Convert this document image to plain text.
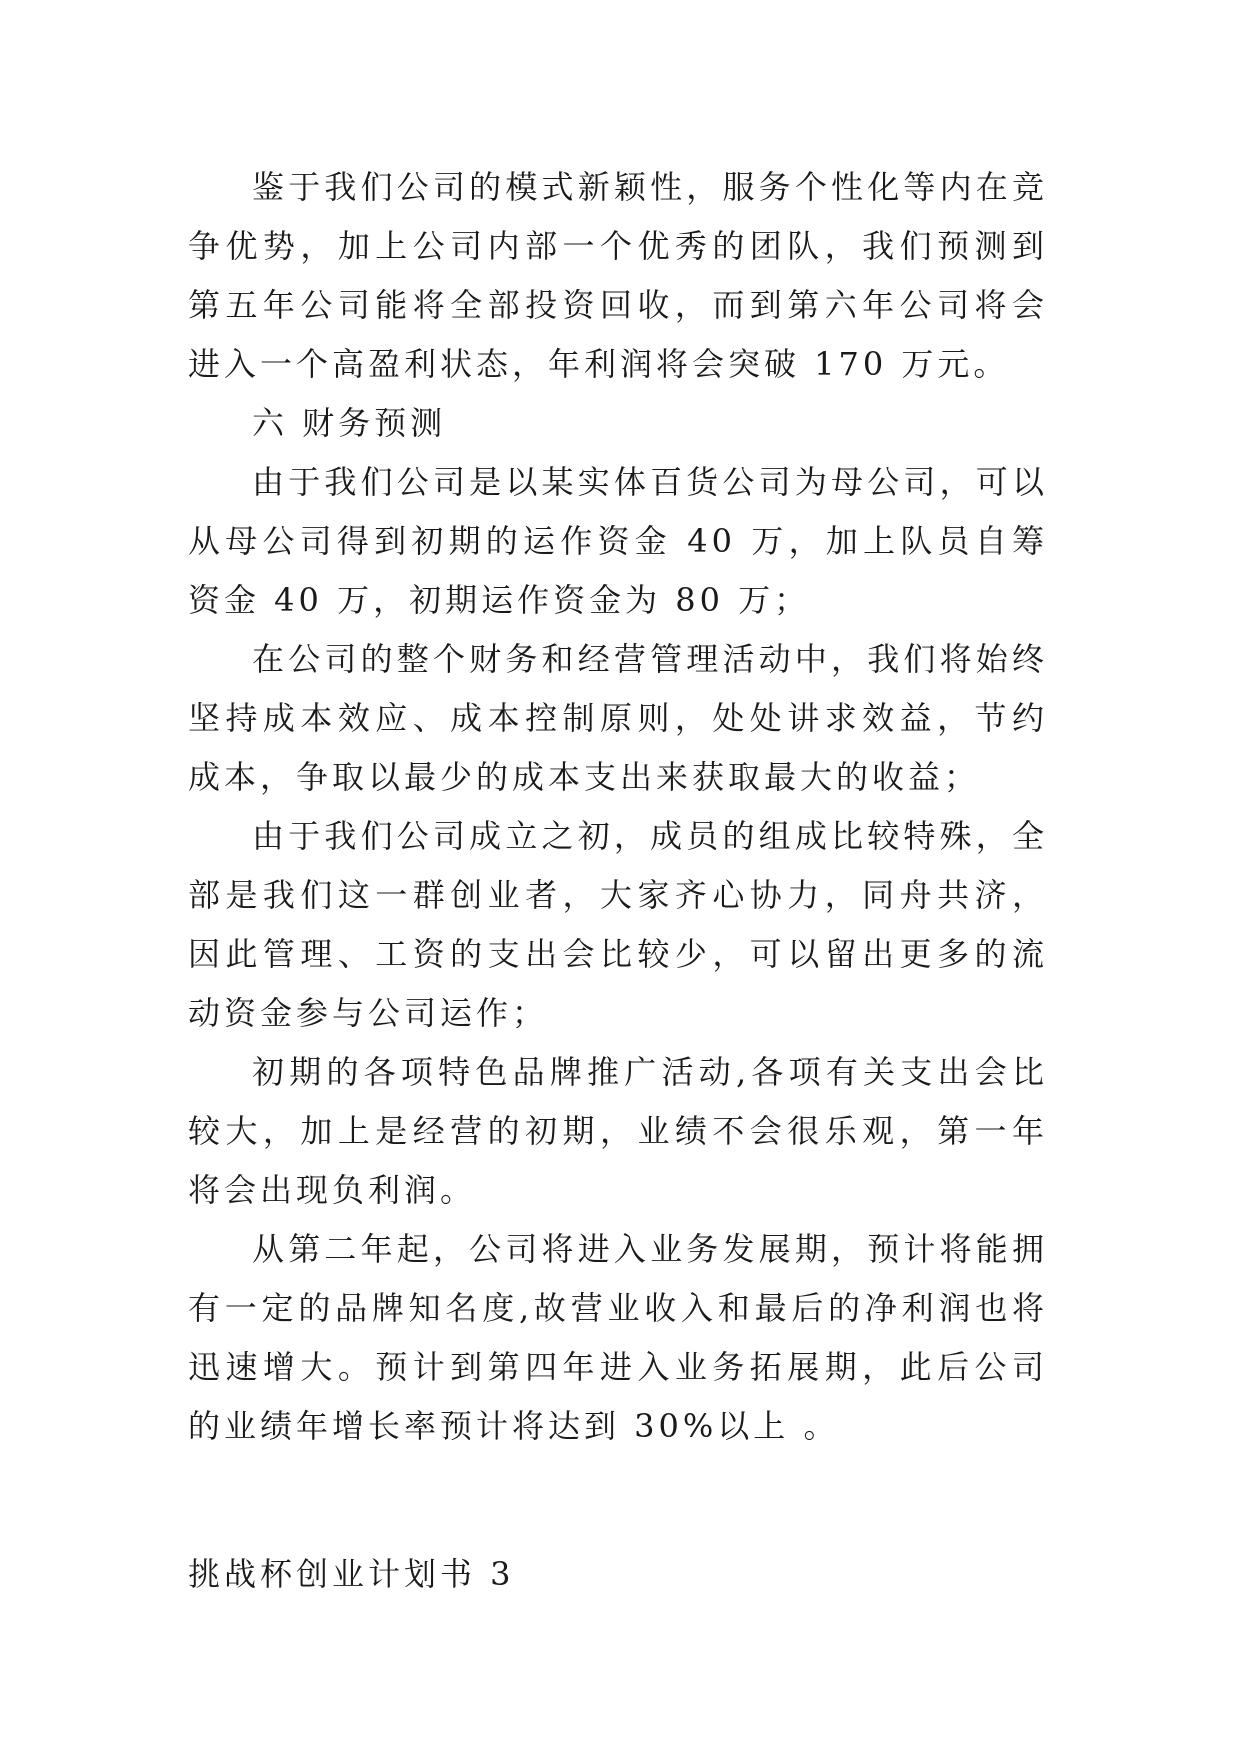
鉴于我们公司的模式新颖性，服务个性化等内在竞争优势，加上公司内部一个优秀的团队，我们预测到第五年公司能将全部投资回收，而到第六年公司将会进入一个高盈利状态，年利润将会突破 170 万元。

六 财务预测

由于我们公司是以某实体百货公司为母公司，可以从母公司得到初期的运作资金 40 万，加上队员自筹资金 40 万，初期运作资金为 80 万；

在公司的整个财务和经营管理活动中，我们将始终坚持成本效应、成本控制原则，处处讲求效益，节约成本，争取以最少的成本支出来获取最大的收益；

由于我们公司成立之初，成员的组成比较特殊，全部是我们这一群创业者，大家齐心协力，同舟共济，因此管理、工资的支出会比较少，可以留出更多的流动资金参与公司运作；

初期的各项特色品牌推广活动,各项有关支出会比较大，加上是经营的初期，业绩不会很乐观，第一年将会出现负利润。

从第二年起，公司将进入业务发展期，预计将能拥有一定的品牌知名度,故营业收入和最后的净利润也将迅速增大。预计到第四年进入业务拓展期，此后公司的业绩年增长率预计将达到 30%以上 。

挑战杯创业计划书 3
